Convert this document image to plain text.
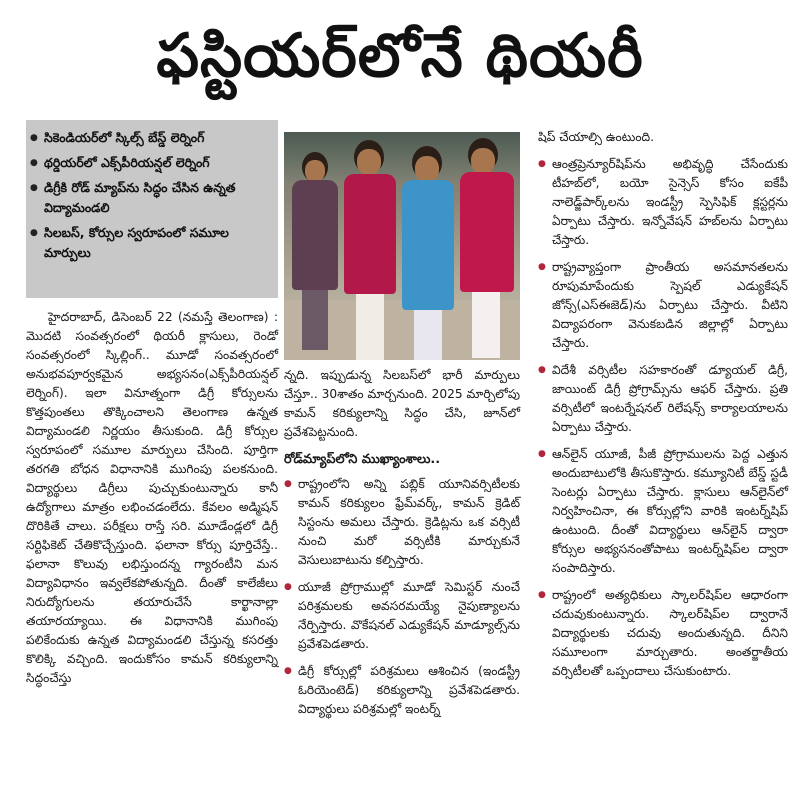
ఫస్టియర్‌లోనే థియరీ
● సికెండియర్‌లో స్కిల్స్ బేస్డ్ లెర్నింగ్
● థర్డియర్‌లో ఎక్స్‌పీరియన్షల్ లెర్నింగ్
● డిగ్రీకి రోడ్ మ్యాప్‌ను సిద్ధం చేసిన ఉన్నత విద్యామండలి
● సిలబస్, కోర్సుల స్వరూపంలో సమూల మార్పులు

హైదరాబాద్, డిసెంబర్ 22 (నమస్తే తెలంగాణ) : మొదటి సంవత్సరంలో థియరీ క్లాసులు, రెండో సంవత్సరంలో స్కిల్లింగ్.. మూడో సంవత్సరంలో అనుభవపూర్వకమైన అభ్యసనం(ఎక్స్‌పీరియన్షల్ లెర్నింగ్). ఇలా వినూత్నంగా డిగ్రీ కోర్సులను కొత్తపుంతలు తొక్కించాలని తెలంగాణ ఉన్నత విద్యామండలి నిర్ణయం తీసుకుంది. డిగ్రీ కోర్సుల స్వరూపంలో సమూల మార్పులు చేసింది. పూర్తిగా తరగతి బోధన విధానానికి ముగింపు పలకనుంది. విద్యార్థులు డిగ్రీలు పుచ్చుకుంటున్నారు కానీ ఉద్యోగాలు మాత్రం లభించడంలేదు. కేవలం అడ్మిషన్ దొరికితే చాలు. పరీక్షలు రాస్తే సరి. మూడేండ్లలో డిగ్రీ సర్టిఫికెట్ చేతికొచ్చేస్తుంది. ఫలానా కోర్సు పూర్తిచేస్తే.. ఫలానా కొలువు లభిస్తుందన్న గ్యారంటీని మన విద్యావిధానం ఇవ్వలేకపోతున్నది. దీంతో కాలేజీలు నిరుద్యోగులను తయారుచేసే కార్ఖానాల్లా తయారయ్యాయి. ఈ విధానానికి ముగింపు పలికేందుకు ఉన్నత విద్యామండలి చేస్తున్న కసరత్తు కొలిక్కి వచ్చింది. ఇందుకోసం కామన్ కరిక్యులాన్ని సిద్ధంచేస్తు

న్నది. ఇప్పుడున్న సిలబస్‌లో భారీ మార్పులు చేస్తూ.. 30శాతం మార్చనుంది. 2025 మార్చిలోపు కామన్ కరిక్యులాన్ని సిద్ధం చేసి, జూన్‌లో ప్రవేశపెట్టనుంది.

రోడ్‌మ్యాప్‌లోని ముఖ్యాంశాలు..

● రాష్ట్రంలోని అన్ని పబ్లిక్ యూనివర్సిటీలకు కామన్ కరిక్యులం ఫ్రేమ్‌వర్క్, కామన్ క్రెడిట్ సిస్టంను అమలు చేస్తారు. క్రెడిట్లను ఒక వర్సిటీ నుంచి మరో వర్సిటీకి మార్చుకునే వెసులుబాటును కల్పిస్తారు.

● యూజీ ప్రోగ్రాముల్లో మూడో సెమిస్టర్ నుంచే పరిశ్రమలకు అవసరమయ్యే నైపుణ్యాలను నేర్పిస్తారు. వొకేషనల్ ఎడ్యుకేషన్ మాడ్యూల్స్‌ను ప్రవేశపెడతారు.

● డిగ్రీ కోర్సుల్లో పరిశ్రమలు ఆశించిన (ఇండస్ట్రీ ఓరియెంటెడ్) కరిక్యులాన్ని ప్రవేశపెడతారు. విద్యార్థులు పరిశ్రమల్లో ఇంటర్న్

షిప్ చేయాల్సి ఉంటుంది.

● ఆంత్రప్రెన్యూర్‌షిప్‌ను అభివృద్ధి చేసేందుకు టీహబ్‌లో, బయో సైన్సెస్ కోసం ఐకేపీ నాలెడ్జ్‌పార్క్‌లను ఇండస్ట్రీ స్పెసిఫిక్ క్లస్టర్లను ఏర్పాటు చేస్తారు. ఇన్నోవేషన్ హబ్‌లను ఏర్పాటు చేస్తారు.

● రాష్ట్రవ్యాప్తంగా ప్రాంతీయ అసమానతలను రూపుమాపేందుకు స్పెషల్ ఎడ్యుకేషన్ జోన్స్(ఎస్ఈజెడ్)ను ఏర్పాటు చేస్తారు. వీటిని విద్యాపరంగా వెనుకబడిన జిల్లాల్లో ఏర్పాటు చేస్తారు.

● విదేశీ వర్సిటీల సహకారంతో డ్యూయల్ డిగ్రీ, జాయింట్ డిగ్రీ ప్రోగ్రామ్స్‌ను ఆఫర్ చేస్తారు. ప్రతి వర్సిటీలో ఇంటర్నేషనల్ రిలేషన్స్ కార్యాలయాలను ఏర్పాటు చేస్తారు.

● ఆన్‌లైన్ యూజీ, పీజీ ప్రోగ్రాములను పెద్ద ఎత్తున అందుబాటులోకి తీసుకొస్తారు. కమ్యూనిటీ బేస్డ్ స్టడీ సెంటర్లు ఏర్పాటు చేస్తారు. క్లాసులు ఆన్‌లైన్‌లో నిర్వహించినా, ఈ కోర్సుల్లోని వారికి ఇంటర్న్‌షిప్ ఉంటుంది. దీంతో విద్యార్థులు ఆన్‌లైన్ ద్వారా కోర్సుల అభ్యసనంతోపాటు ఇంటర్న్‌షిప్‌ల ద్వారా సంపాదిస్తారు.

● రాష్ట్రంలో అత్యధికులు స్కాలర్‌షిప్‌ల ఆధారంగా చదువుకుంటున్నారు. స్కాలర్‌షిప్‌ల ద్వారానే విద్యార్థులకు చదువు అందుతున్నది. దీనిని సమూలంగా మార్చుతారు. అంతర్జాతీయ వర్సిటీలతో ఒప్పందాలు చేసుకుంటారు.
